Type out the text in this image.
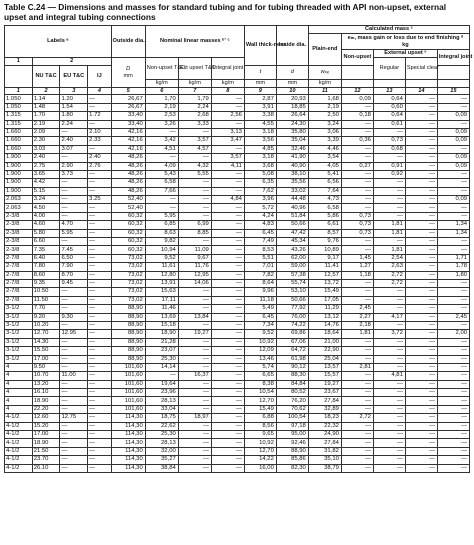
Table C.24 — Dimensions and masses for standard tubing and for tubing threaded with API non-upset, external upset and integral tubing connections
Labels ᵃ				Outside dia.	Nominal linear masses ᵇʼ ᶜ			Wall thick-ness	Inside dia.	Calculated mass ᶜ				
										Plain-end	eₘ, mass gain or loss due to end finishing ᵈ
kg			

											Non-upset	External upset ᵉ		Integral joint
1	2			D
mm	Non-upset T&C	Ext upset T&C	Integral joint					Regular	Special clear	
	NU T&C	EU T&C	IJ					t	d	wₚₑ				
					kg/m	kg/m	kg/m	mm	mm	kg/m				
1	2	3	4	5	6	7	8	9	10	11	12	13	14	15
1.050	1.14	1.20	—	26,67	1,70	1,79	—	2,87	20,93	1,68	0,09	0,64	—	—
1.050	1.48	1.54	—	26,67	2,19	2,24	—	3,91	18,85	2,19	—	0,60	—	—
1.315	1.70	1.80	1.72	33,40	2,53	2,68	2,56	3,38	26,64	2,50	0,18	0,64	—	0,09
1.315	2.19	2.24	—	33,40	3,26	3,33	—	4,55	24,30	3,24	—	0,61	—	—
1.660	2.09	—	2.10	42,16	—	—	3,13	3,18	35,80	3,06	—	—	—	0,09
1.660	2.30	2.40	2.33	42,16	3,42	3,57	3,47	3,56	35,04	3,39	0,36	0,73	—	0,09
1.660	3.03	3.07	—	42,16	4,51	4,57	—	4,85	32,46	4,46	—	0,68	—	—
1.900	2.40	—	2.40	48,26	—	—	3,57	3,18	41,90	3,54	—	—	—	0,09
1.900	2.75	2.90	2.76	48,26	4,09	4,32	4,11	3,68	40,90	4,05	0,27	0,91	—	0,09
1.900	3.65	3.73	—	48,26	5,43	5,55	—	5,08	38,10	5,41	—	0,92	—	—
1.900	4.42	—	—	48,26	6,58	—	—	6,35	35,56	6,56	—	—	—	—
1.900	5.15	—	—	48,26	7,66	—	—	7,62	33,02	7,64	—	—	—	—
2.063	3.24	—	3.25	52,40	—	—	4,84	3,96	44,48	4,73	—	—	—	0,09
2.063	4.50	—	—	52,40	—	—	—	5,72	40,96	6,58	—	—	—	—
2-3/8	4.00	—	—	60,32	5,95	—	—	4,24	51,84	5,86	0,73	—	—	—
2-3/8	4.60	4.70	—	60,32	6,85	6,99	—	4,83	50,66	6,61	0,73	1,81	—	1,34
2-3/8	5.80	5.95	—	60,32	8,63	8,85	—	6,45	47,42	8,57	0,73	1,81	—	1,34
2-3/8	6.60	—	—	60,32	9,82	—	—	7,49	45,34	9,76	—	—	—	—
2-3/8	7.35	7.45	—	60,32	10,94	11,09	—	8,53	43,26	10,89	—	1,81	—	—
2-7/8	6.40	6.50	—	73,02	9,52	9,67	—	5,51	62,00	9,17	1,45	2,54	—	1,71
2-7/8	7.80	7.90	—	73,02	11,61	11,76	—	7,01	59,00	11,41	1,27	2,63	—	1,78
2-7/8	8.60	8.70	—	73,02	12,80	12,95	—	7,82	57,38	12,57	1,18	2,72	—	1,80
2-7/8	9.35	9.45	—	73,02	13,91	14,06	—	8,64	55,74	13,72	—	2,72	—	—
2-7/8	10.50	—	—	73,02	15,63	—	—	9,96	53,10	15,49	—	—	—	—
2-7/8	11.50	—	—	73,02	17,11	—	—	11,18	50,66	17,05	—	—	—	—
3-1/2	7.70	—	—	88,90	11,46	—	—	5,49	77,92	11,29	2,45	—	—	—
3-1/2	9.20	9.30	—	88,90	13,69	13,84	—	6,45	76,00	13,12	2,27	4,17	—	2,45
3-1/2	10.20	—	—	88,90	15,18	—	—	7,34	74,22	14,76	2,18	—	—	—
3-1/2	12.70	12.95	—	88,90	18,90	19,27	—	9,52	69,86	18,64	1,81	3,72	—	2,00
3-1/2	14.30	—	—	88,90	21,28	—	—	10,92	67,06	21,00	—	—	—	—
3-1/2	15.50	—	—	88,90	23,07	—	—	12,09	64,72	22,90	—	—	—	—
3-1/2	17.00	—	—	88,90	25,30	—	—	13,46	61,98	25,04	—	—	—	—
4	9.50	—	—	101,60	14,14	—	—	5,74	90,12	13,57	2,81	—	—	—
4	10.70	11.00	—	101,60	—	16,37	—	6,65	88,30	15,57	—	4,81	—	—
4	13.20	—	—	101,60	19,64	—	—	8,38	84,84	19,27	—	—	—	—
4	16.10	—	—	101,60	23,96	—	—	10,54	80,52	23,67	—	—	—	—
4	18.90	—	—	101,60	28,13	—	—	12,70	76,20	27,84	—	—	—	—
4	22.20	—	—	101,60	33,04	—	—	15,49	70,62	32,89	—	—	—	—
4-1/2	12.60	12.75	—	114,30	18,75	18,97	—	6,88	100,54	18,23	2,72	—	—	—
4-1/2	15.20	—	—	114,30	22,62	—	—	8,56	97,18	22,32	—	—	—	—
4-1/2	17.00	—	—	114,30	25,30	—	—	9,65	95,00	24,90	—	—	—	—
4-1/2	18.90	—	—	114,30	28,13	—	—	10,92	92,46	27,84	—	—	—	—
4-1/2	21.50	—	—	114,30	32,00	—	—	12,70	88,90	31,82	—	—	—	—
4-1/2	23.70	—	—	114,30	35,27	—	—	14,22	85,86	35,10	—	—	—	—
4-1/2	26.10	—	—	114,30	38,84	—	—	16,00	82,30	38,79	—	—	—	—
